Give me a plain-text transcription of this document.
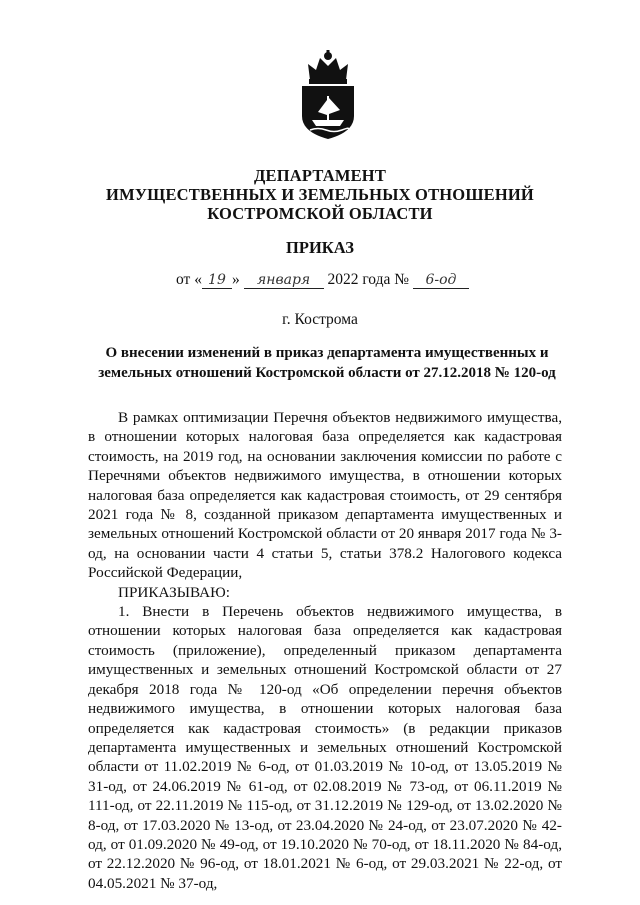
ДЕПАРТАМЕНТ
ИМУЩЕСТВЕННЫХ И ЗЕМЕЛЬНЫХ ОТНОШЕНИЙ
КОСТРОМСКОЙ ОБЛАСТИ
ПРИКАЗ
от « 19 » января 2022 года № 6-од
г. Кострома
О внесении изменений в приказ департамента имущественных и
земельных отношений Костромской области от 27.12.2018 № 120-од

В рамках оптимизации Перечня объектов недвижимого имущества, в отношении которых налоговая база определяется как кадастровая стоимость, на 2019 год, на основании заключения комиссии по работе с Перечнями объектов недвижимого имущества, в отношении которых налоговая база определяется как кадастровая стоимость, от 29 сентября 2021 года № 8, созданной приказом департамента имущественных и земельных отношений Костромской области от 20 января 2017 года № 3-од, на основании части 4 статьи 5, статьи 378.2 Налогового кодекса Российской Федерации,

ПРИКАЗЫВАЮ:

1. Внести в Перечень объектов недвижимого имущества, в отношении которых налоговая база определяется как кадастровая стоимость (приложение), определенный приказом департамента имущественных и земельных отношений Костромской области от 27 декабря 2018 года № 120-од «Об определении перечня объектов недвижимого имущества, в отношении которых налоговая база определяется как кадастровая стоимость» (в редакции приказов департамента имущественных и земельных отношений Костромской области от 11.02.2019 № 6-од, от 01.03.2019 № 10-од, от 13.05.2019 № 31-од, от 24.06.2019 № 61-од, от 02.08.2019 № 73-од, от 06.11.2019 № 111-од, от 22.11.2019 № 115-од, от 31.12.2019 № 129-од, от 13.02.2020 № 8-од, от 17.03.2020 № 13-од, от 23.04.2020 № 24-од, от 23.07.2020 № 42-од, от 01.09.2020 № 49-од, от 19.10.2020 № 70-од, от 18.11.2020 № 84-од, от 22.12.2020 № 96-од, от 18.01.2021 № 6-од, от 29.03.2021 № 22-од, от 04.05.2021 № 37-од,
